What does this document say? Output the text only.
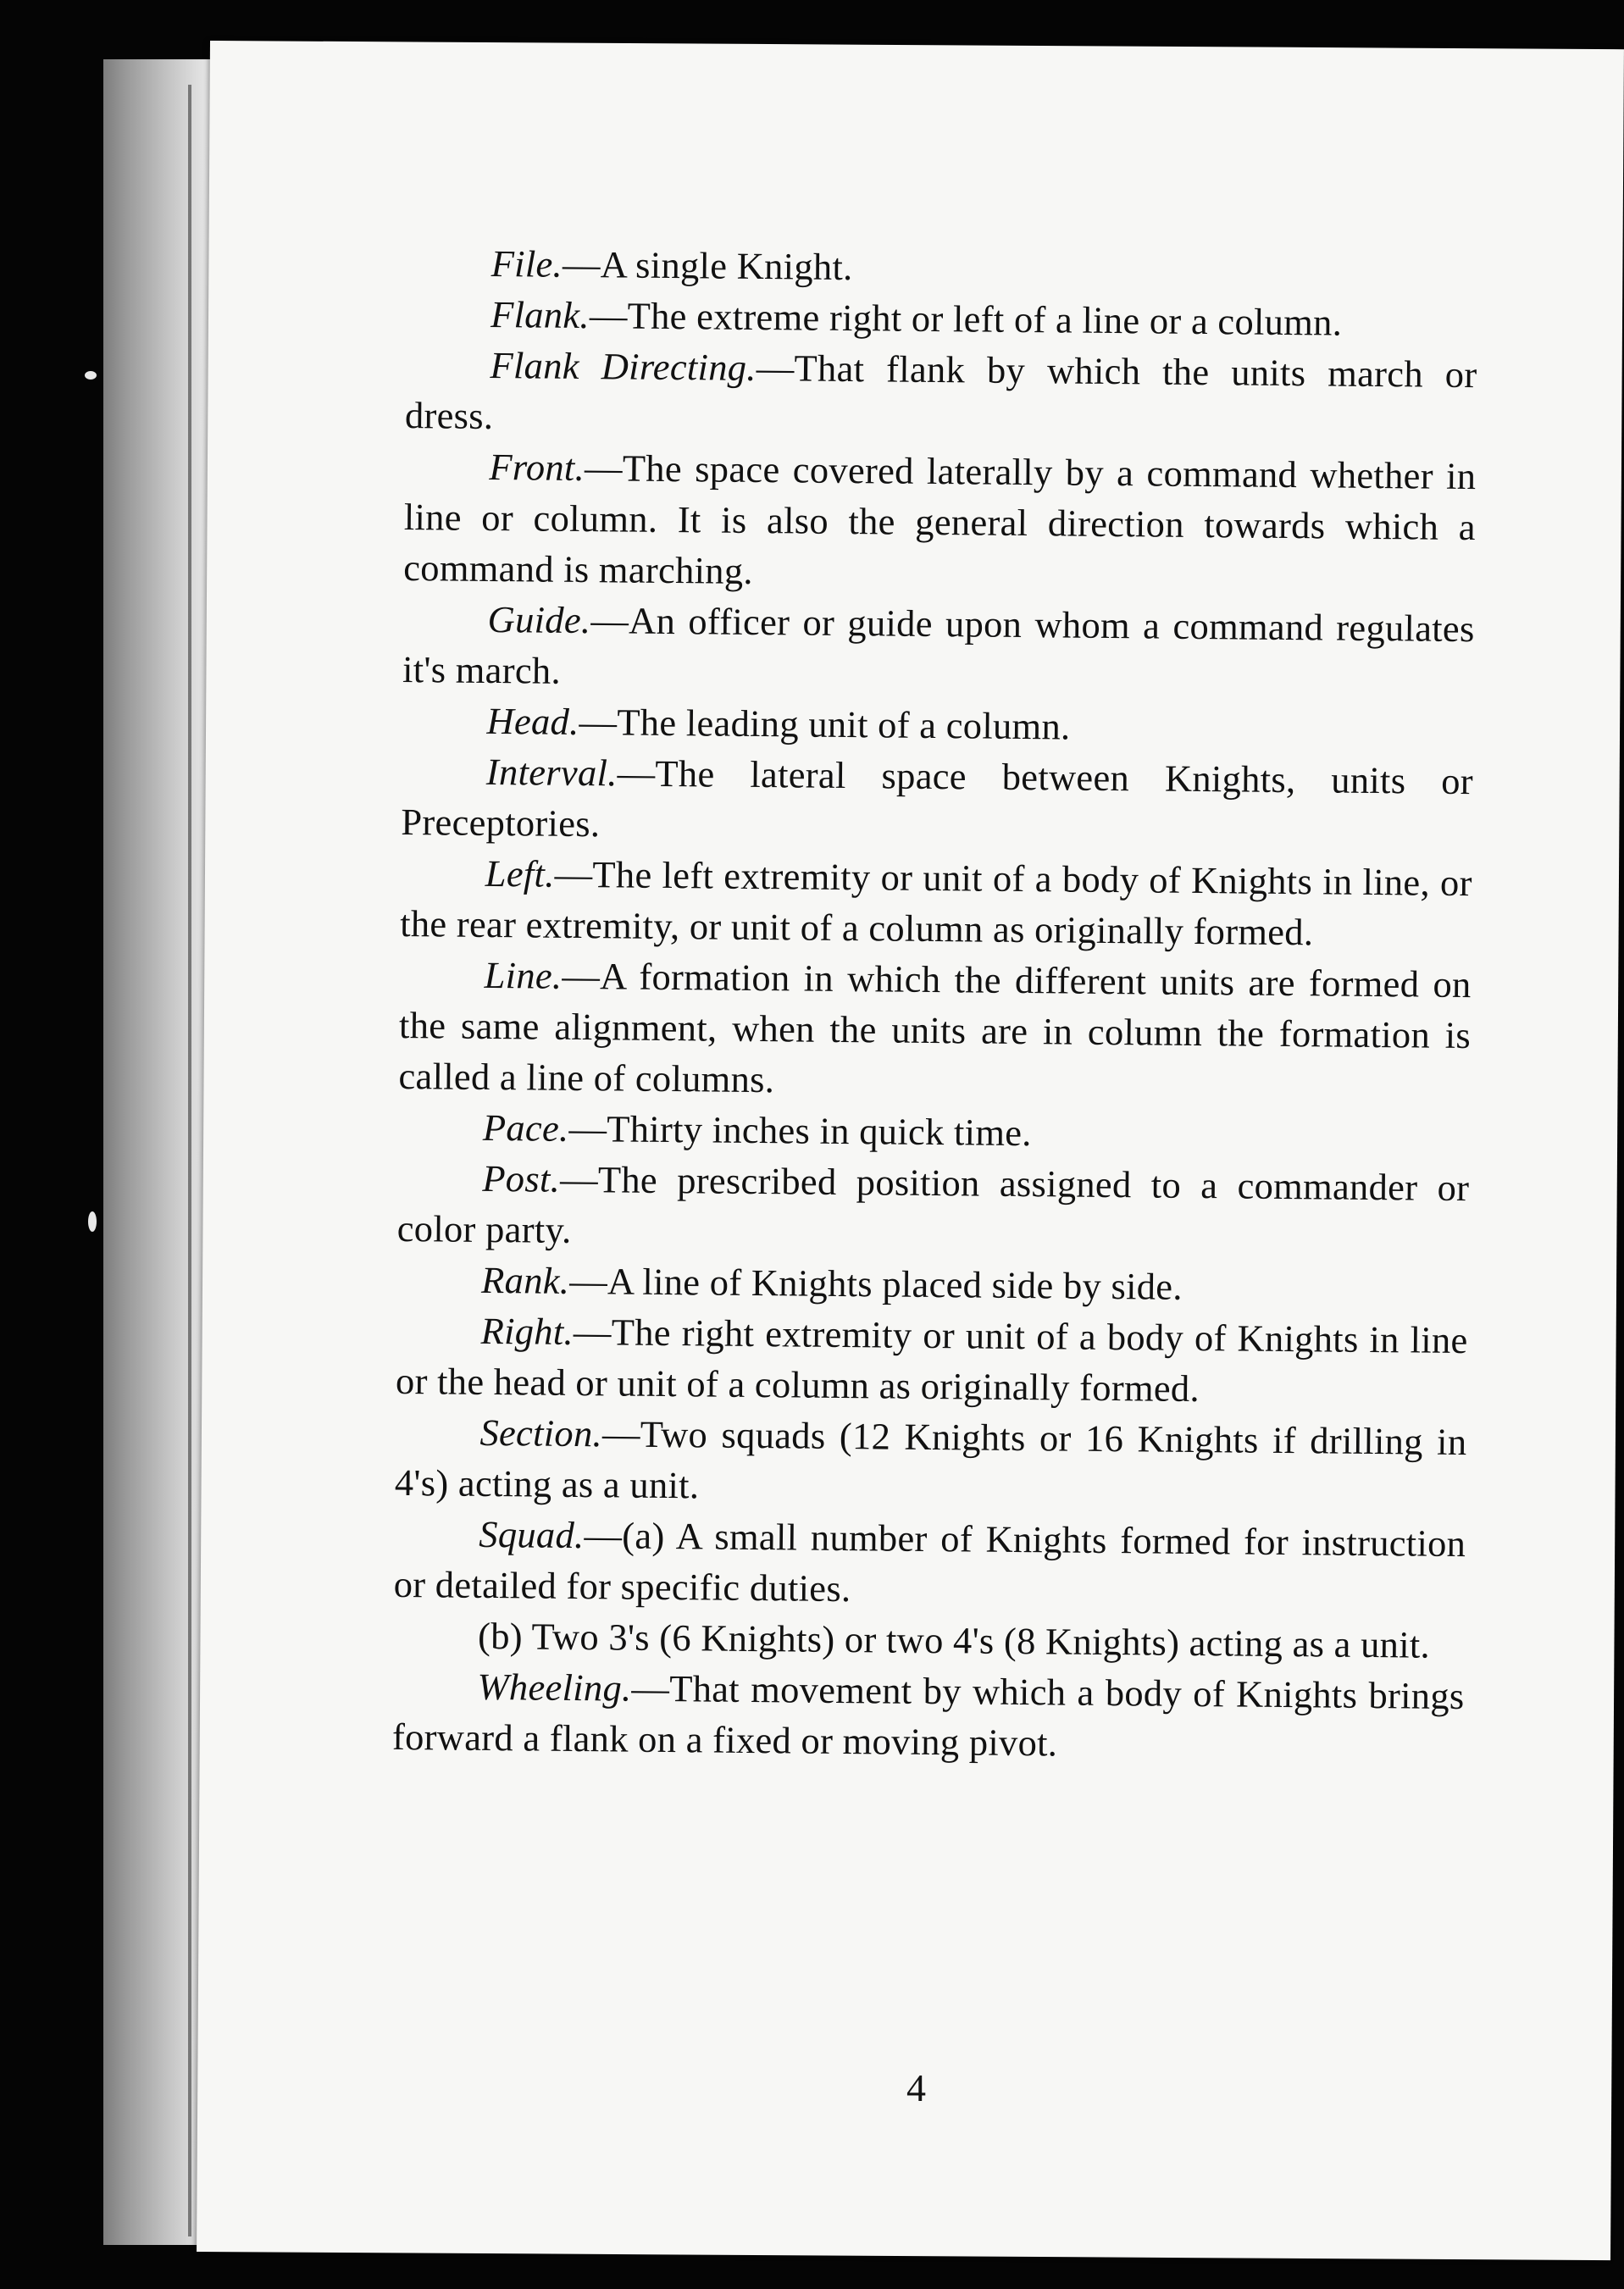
File.—A single Knight.

Flank.—The extreme right or left of a line or a column.

Flank Directing.—That flank by which the units march or dress.

Front.—The space covered laterally by a command whether in line or column. It is also the general direction towards which a command is marching.

Guide.—An officer or guide upon whom a command regulates it's march.

Head.—The leading unit of a column.

Interval.—The lateral space between Knights, units or Preceptories.

Left.—The left extremity or unit of a body of Knights in line, or the rear extremity, or unit of a column as originally formed.

Line.—A formation in which the different units are formed on the same alignment, when the units are in column the formation is called a line of columns.

Pace.—Thirty inches in quick time.

Post.—The prescribed position assigned to a commander or color party.

Rank.—A line of Knights placed side by side.

Right.—The right extremity or unit of a body of Knights in line or the head or unit of a column as originally formed.

Section.—Two squads (12 Knights or 16 Knights if drilling in 4's) acting as a unit.

Squad.—(a) A small number of Knights formed for instruction or detailed for specific duties.

(b) Two 3's (6 Knights) or two 4's (8 Knights) acting as a unit.

Wheeling.—That movement by which a body of Knights brings forward a flank on a fixed or moving pivot.

4
